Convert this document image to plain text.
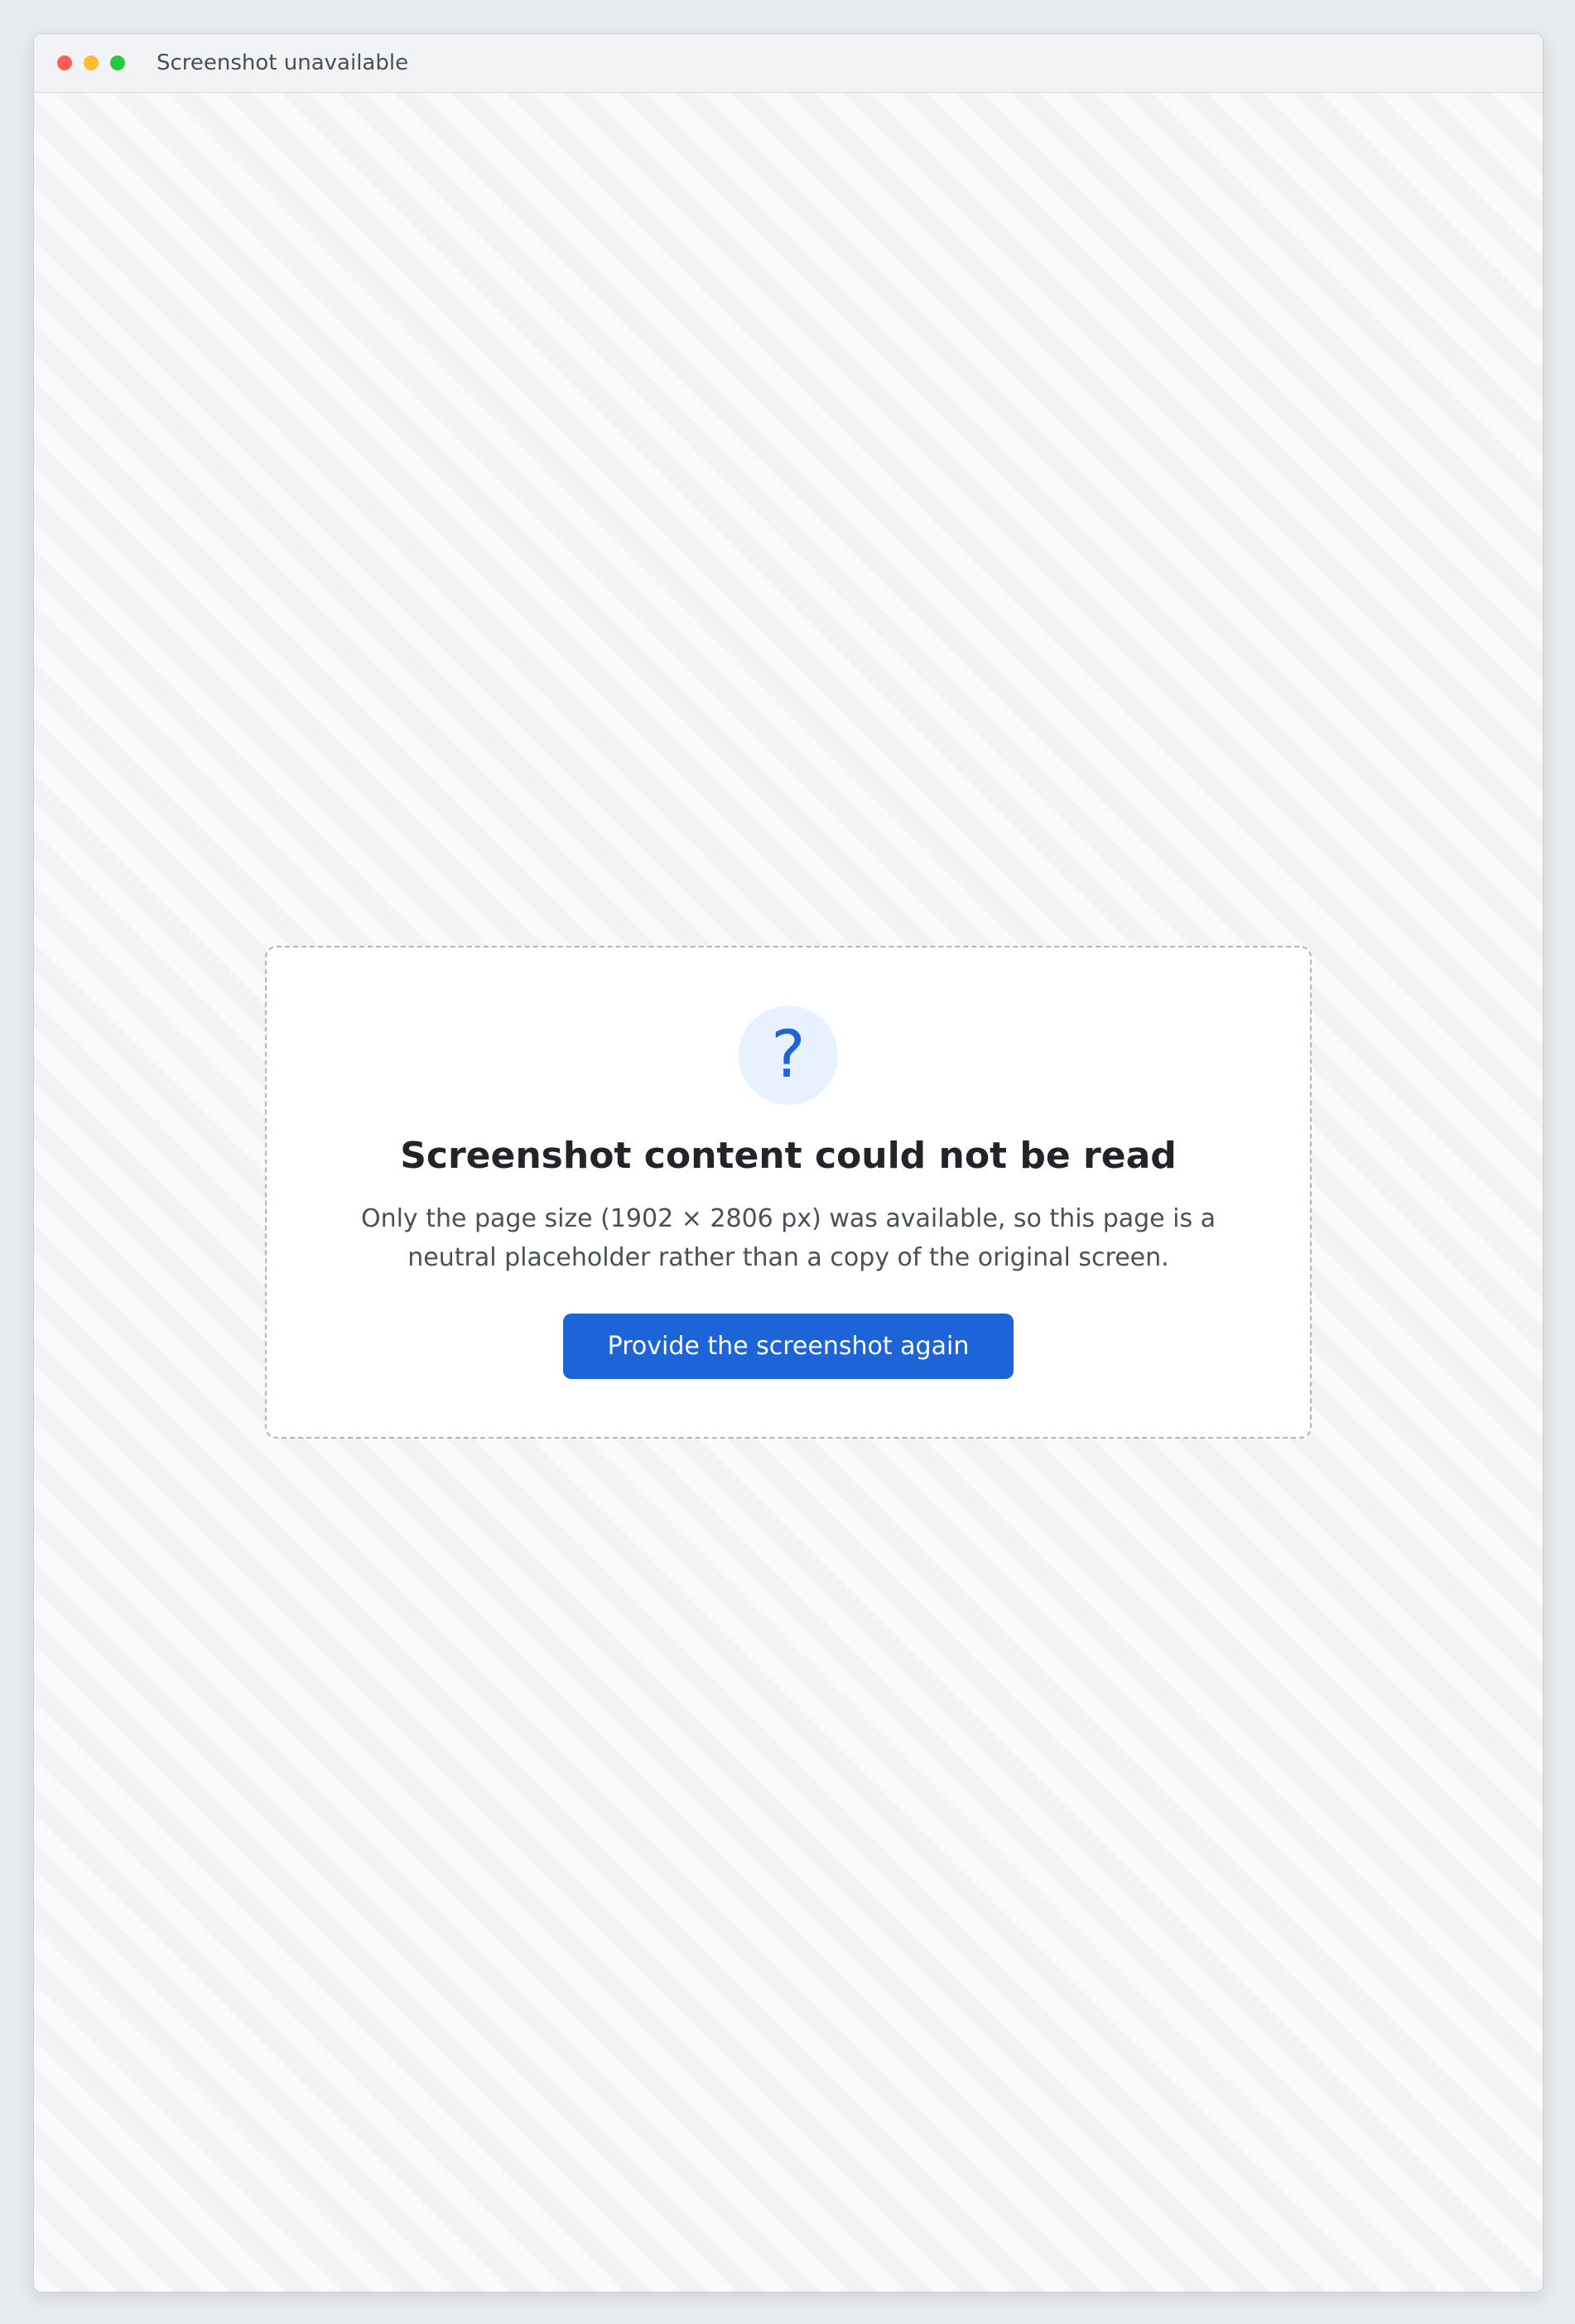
Screenshot unavailable
?

Screenshot content could not be read

Only the page size (1902 × 2806 px) was available, so this page is a neutral placeholder rather than a copy of the original screen.

Provide the screenshot again
